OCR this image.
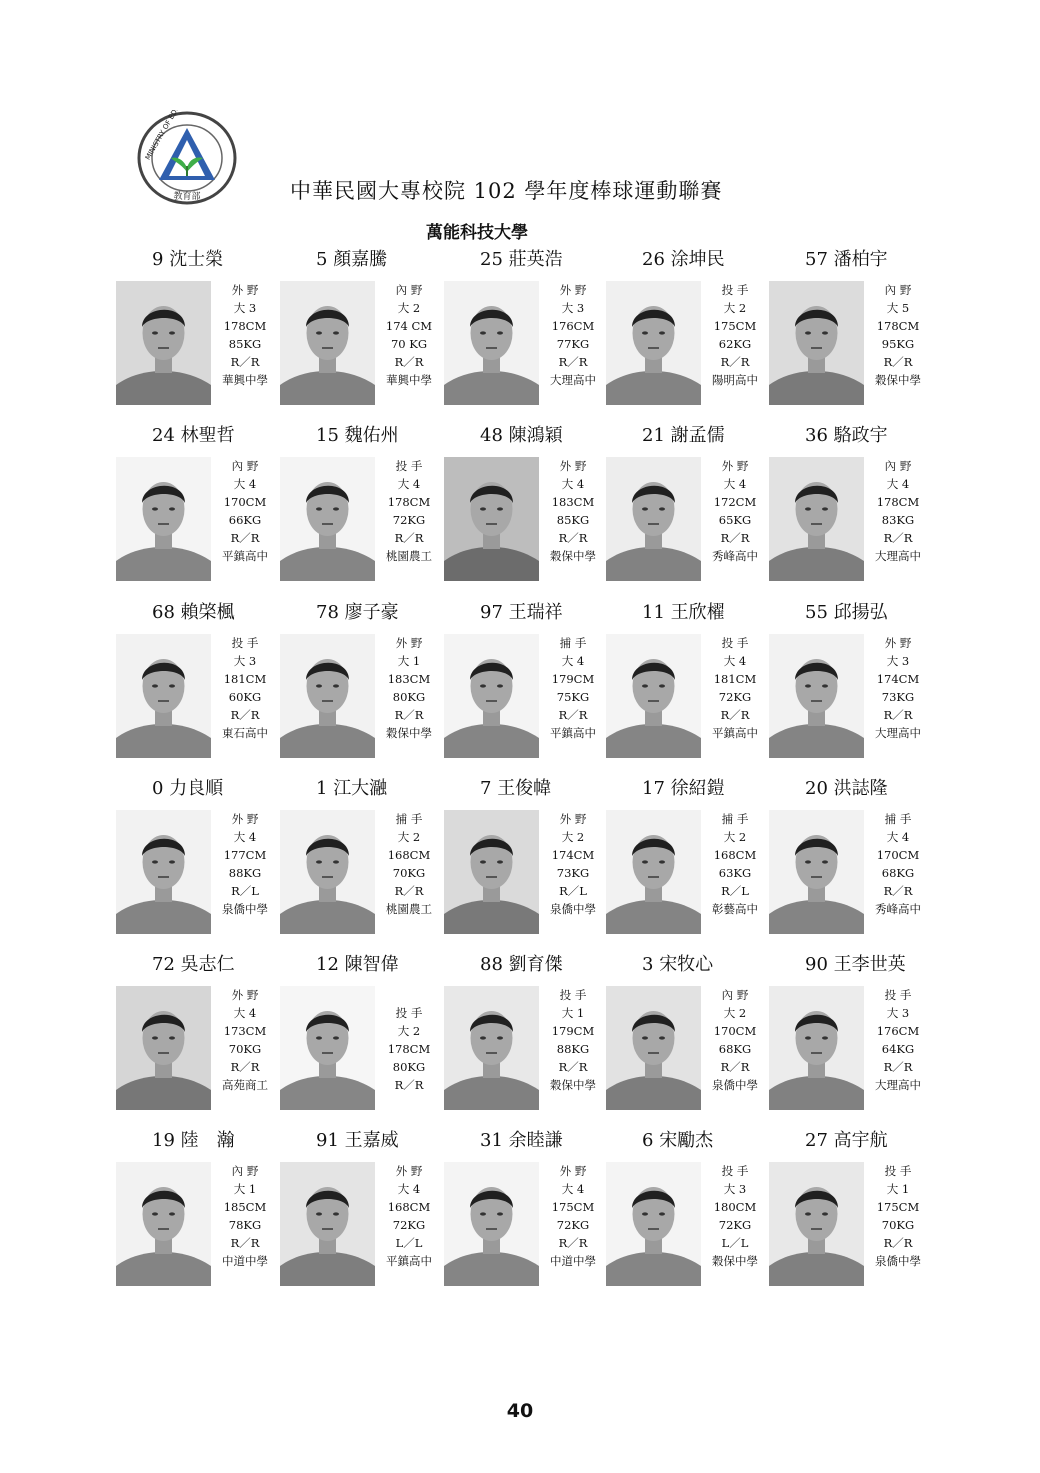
教育部
MINISTRY OF
中華民國大專校院 102 學年度棒球運動聯賽
萬能科技大學
9 沈士榮
外 野
大 3
178CM
85KG
R／R
華興中學
5 顏嘉騰
內 野
大 2
174 CM
70 KG
R／R
華興中學
25 莊英浩
外 野
大 3
176CM
77KG
R／R
大理高中
26 涂坤民
投 手
大 2
175CM
62KG
R／R
陽明高中
57 潘柏宇
內 野
大 5
178CM
95KG
R／R
穀保中學
24 林聖哲
內 野
大 4
170CM
66KG
R／R
平鎮高中
15 魏佑州
投 手
大 4
178CM
72KG
R／R
桃園農工
48 陳鴻穎
外 野
大 4
183CM
85KG
R／R
穀保中學
21 謝孟儒
外 野
大 4
172CM
65KG
R／R
秀峰高中
36 駱政宇
內 野
大 4
178CM
83KG
R／R
大理高中
68 賴棨楓
投 手
大 3
181CM
60KG
R／R
東石高中
78 廖子豪
外 野
大 1
183CM
80KG
R／R
穀保中學
97 王瑞祥
捕 手
大 4
179CM
75KG
R／R
平鎮高中
11 王欣櫂
投 手
大 4
181CM
72KG
R／R
平鎮高中
55 邱揚弘
外 野
大 3
174CM
73KG
R／R
大理高中
0 力良順
外 野
大 4
177CM
88KG
R／L
泉僑中學
1 江大瀜
捕 手
大 2
168CM
70KG
R／R
桃園農工
7 王俊幃
外 野
大 2
174CM
73KG
R／L
泉僑中學
17 徐紹鎧
捕 手
大 2
168CM
63KG
R／L
彰藝高中
20 洪誌隆
捕 手
大 4
170CM
68KG
R／R
秀峰高中
72 吳志仁
外 野
大 4
173CM
70KG
R／R
高苑商工
12 陳智偉
投 手
大 2
178CM
80KG
R／R
88 劉育傑
投 手
大 1
179CM
88KG
R／R
穀保中學
3 宋牧心
內 野
大 2
170CM
68KG
R／R
泉僑中學
90 王李世英
投 手
大 3
176CM
64KG
R／R
大理高中
19 陸　瀚
內 野
大 1
185CM
78KG
R／R
中道中學
91 王嘉威
外 野
大 4
168CM
72KG
L／L
平鎮高中
31 余睦謙
外 野
大 4
175CM
72KG
R／R
中道中學
6 宋勵杰
投 手
大 3
180CM
72KG
L／L
穀保中學
27 高宇航
投 手
大 1
175CM
70KG
R／R
泉僑中學
40
